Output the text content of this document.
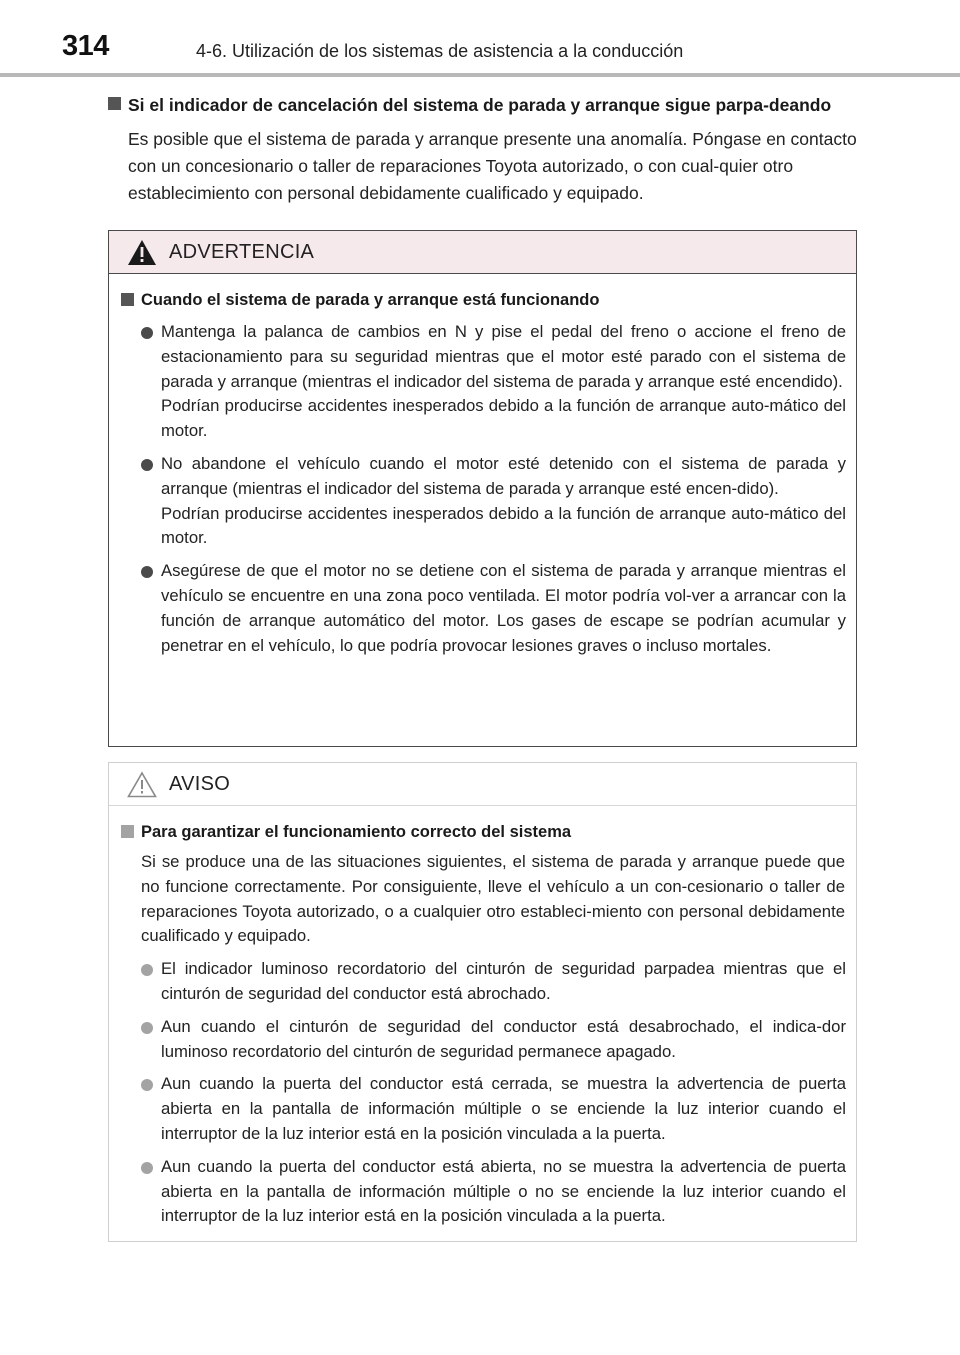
314	4-6. Utilización de los sistemas de asistencia a la conducción
Si el indicador de cancelación del sistema de parada y arranque sigue parpa-deando
Es posible que el sistema de parada y arranque presente una anomalía. Póngase en contacto con un concesionario o taller de reparaciones Toyota autorizado, o con cual-quier otro establecimiento con personal debidamente cualificado y equipado.
ADVERTENCIA
Cuando el sistema de parada y arranque está funcionando
Mantenga la palanca de cambios en N y pise el pedal del freno o accione el freno de estacionamiento para su seguridad mientras que el motor esté parado con el sistema de parada y arranque (mientras el indicador del sistema de parada y arranque esté encendido).
Podrían producirse accidentes inesperados debido a la función de arranque auto-mático del motor.
No abandone el vehículo cuando el motor esté detenido con el sistema de parada y arranque (mientras el indicador del sistema de parada y arranque esté encen-dido).
Podrían producirse accidentes inesperados debido a la función de arranque auto-mático del motor.
Asegúrese de que el motor no se detiene con el sistema de parada y arranque mientras el vehículo se encuentre en una zona poco ventilada. El motor podría vol-ver a arrancar con la función de arranque automático del motor. Los gases de escape se podrían acumular y penetrar en el vehículo, lo que podría provocar lesiones graves o incluso mortales.
AVISO
Para garantizar el funcionamiento correcto del sistema
Si se produce una de las situaciones siguientes, el sistema de parada y arranque puede que no funcione correctamente. Por consiguiente, lleve el vehículo a un con-cesionario o taller de reparaciones Toyota autorizado, o a cualquier otro estableci-miento con personal debidamente cualificado y equipado.
El indicador luminoso recordatorio del cinturón de seguridad parpadea mientras que el cinturón de seguridad del conductor está abrochado.
Aun cuando el cinturón de seguridad del conductor está desabrochado, el indica-dor luminoso recordatorio del cinturón de seguridad permanece apagado.
Aun cuando la puerta del conductor está cerrada, se muestra la advertencia de puerta abierta en la pantalla de información múltiple o se enciende la luz interior cuando el interruptor de la luz interior está en la posición vinculada a la puerta.
Aun cuando la puerta del conductor está abierta, no se muestra la advertencia de puerta abierta en la pantalla de información múltiple o no se enciende la luz interior cuando el interruptor de la luz interior está en la posición vinculada a la puerta.
